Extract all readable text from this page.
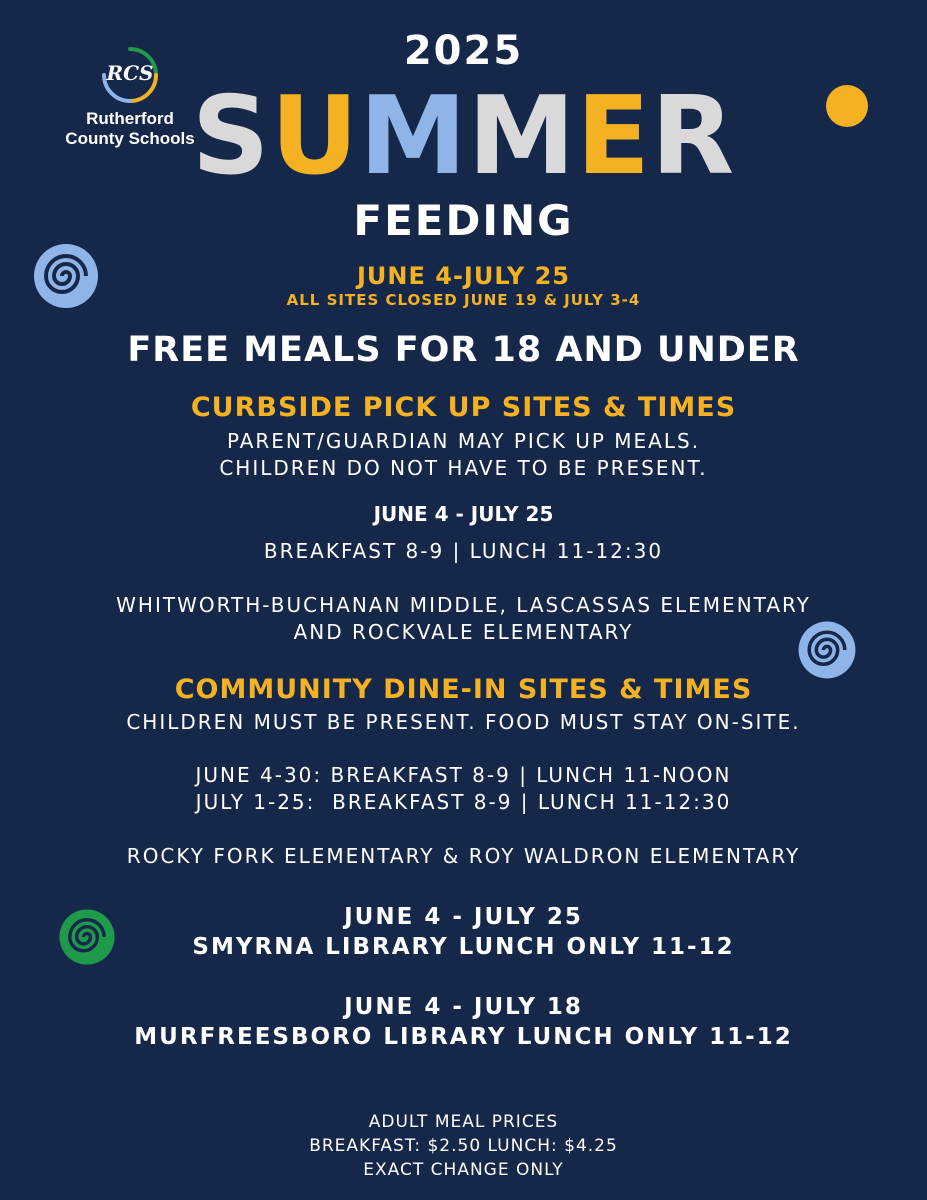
RCS
Rutherford
County Schools
2025
SUMMER
FEEDING
JUNE 4-JULY 25
ALL SITES CLOSED JUNE 19 & JULY 3-4
FREE MEALS FOR 18 AND UNDER
CURBSIDE PICK UP SITES & TIMES
PARENT/GUARDIAN MAY PICK UP MEALS.
CHILDREN DO NOT HAVE TO BE PRESENT.
JUNE 4 - JULY 25
BREAKFAST 8-9 | LUNCH 11-12:30
WHITWORTH-BUCHANAN MIDDLE, LASCASSAS ELEMENTARY
AND ROCKVALE ELEMENTARY
COMMUNITY DINE-IN SITES & TIMES
CHILDREN MUST BE PRESENT. FOOD MUST STAY ON-SITE.
JUNE 4-30: BREAKFAST 8-9 | LUNCH 11-NOON
JULY 1-25:  BREAKFAST 8-9 | LUNCH 11-12:30
ROCKY FORK ELEMENTARY & ROY WALDRON ELEMENTARY
JUNE 4 - JULY 25
SMYRNA LIBRARY LUNCH ONLY 11-12
JUNE 4 - JULY 18
MURFREESBORO LIBRARY LUNCH ONLY 11-12
ADULT MEAL PRICES
BREAKFAST: $2.50 LUNCH: $4.25
EXACT CHANGE ONLY
